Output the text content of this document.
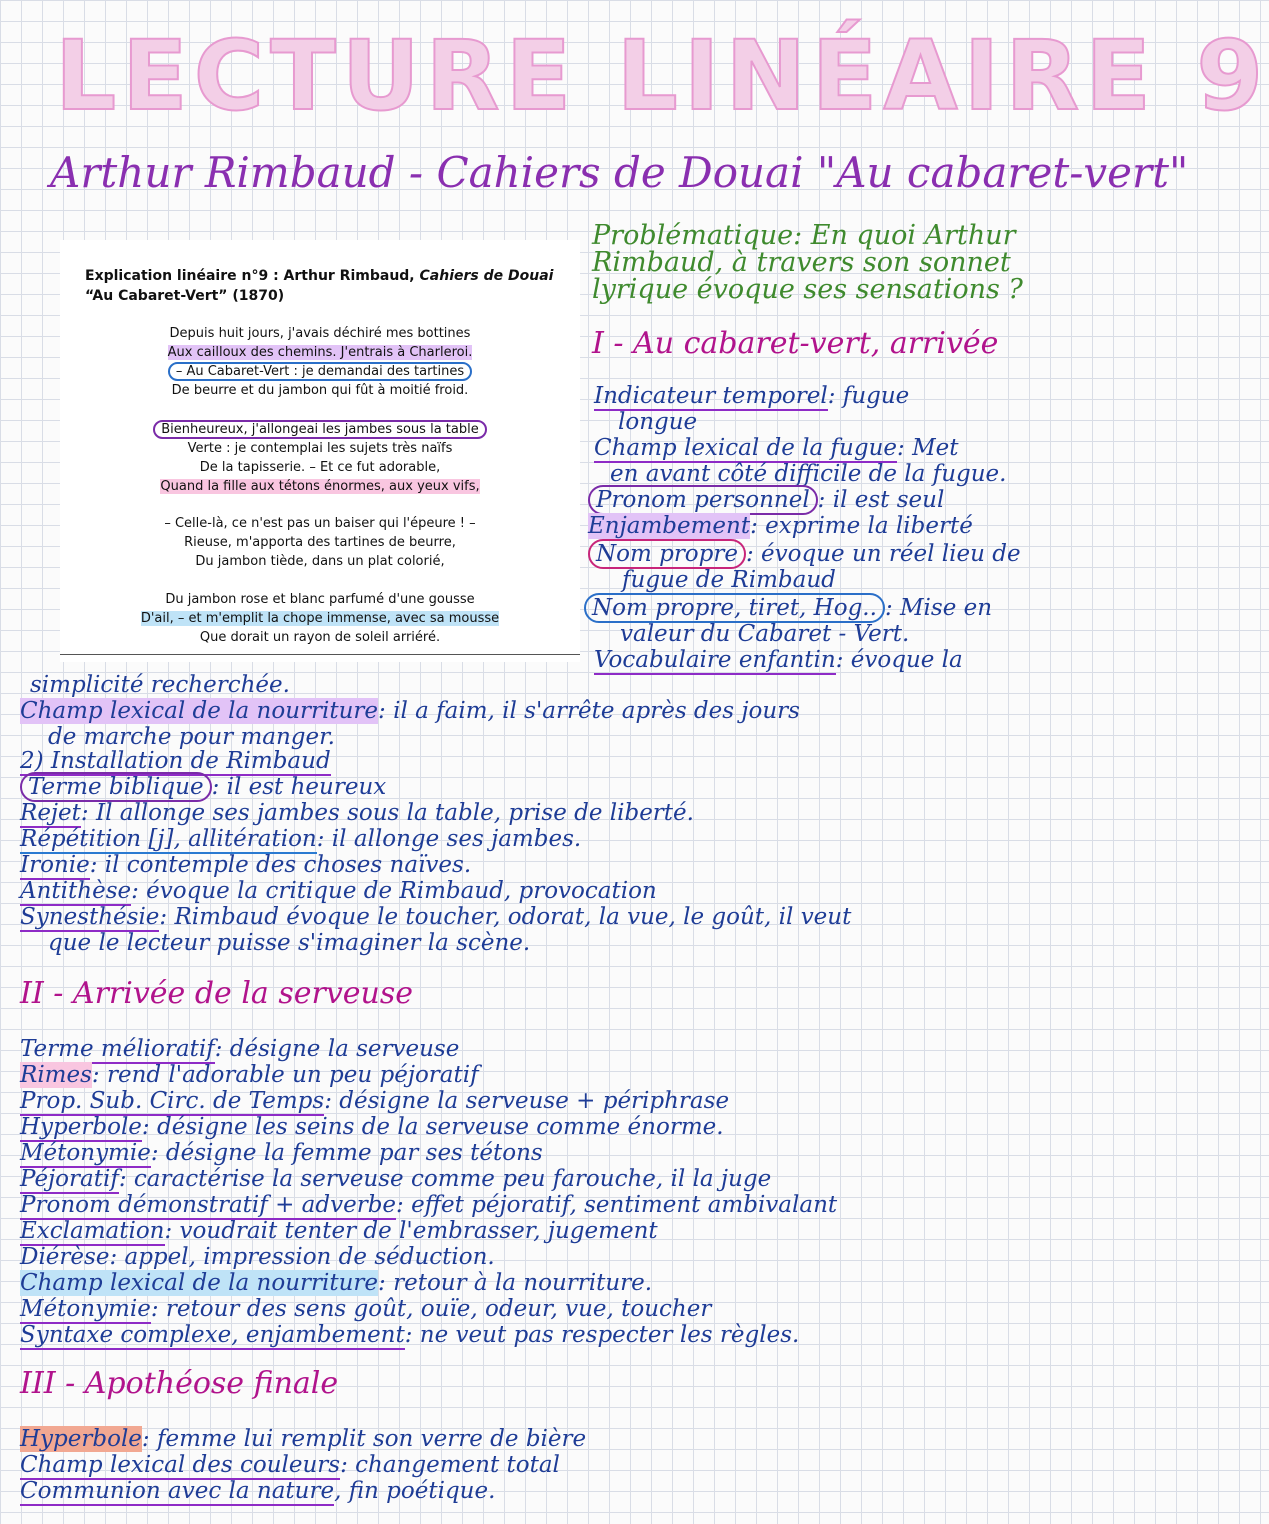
LECTURE LINÉAIRE 9
Arthur Rimbaud - Cahiers de Douai "Au cabaret-vert"
Problématique: En quoi Arthur
Rimbaud, à travers son sonnet
lyrique évoque ses sensations ?
Explication linéaire n°9 : Arthur Rimbaud, Cahiers de Douai “Au Cabaret-Vert” (1870)
Depuis huit jours, j'avais déchiré mes bottines
Aux cailloux des chemins. J'entrais à Charleroi.
– Au Cabaret-Vert : je demandai des tartines
De beurre et du jambon qui fût à moitié froid.
Bienheureux, j'allongeai les jambes sous la table
Verte : je contemplai les sujets très naïfs
De la tapisserie. – Et ce fut adorable,
Quand la fille aux tétons énormes, aux yeux vifs,
– Celle-là, ce n'est pas un baiser qui l'épeure ! –
Rieuse, m'apporta des tartines de beurre,
Du jambon tiède, dans un plat colorié,
Du jambon rose et blanc parfumé d'une gousse
D'ail, – et m'emplit la chope immense, avec sa mousse
Que dorait un rayon de soleil arriéré.
I - Au cabaret-vert, arrivée
Indicateur temporel: fugue
longue
Champ lexical de la fugue: Met
en avant côté difficile de la fugue.
Pronom personnel : il est seul
Enjambement: exprime la liberté
Nom propre : évoque un réel lieu de
fugue de Rimbaud
Nom propre, tiret, Hog.. : Mise en
valeur du Cabaret - Vert.
Vocabulaire enfantin: évoque la
simplicité recherchée.
Champ lexical de la nourriture: il a faim, il s'arrête après des jours
de marche pour manger.
2) Installation de Rimbaud
Terme biblique : il est heureux
Rejet: Il allonge ses jambes sous la table, prise de liberté.
Répétition [j], allitération: il allonge ses jambes.
Ironie: il contemple des choses naïves.
Antithèse: évoque la critique de Rimbaud, provocation
Synesthésie: Rimbaud évoque le toucher, odorat, la vue, le goût, il veut
que le lecteur puisse s'imaginer la scène.
II - Arrivée de la serveuse
Terme mélioratif: désigne la serveuse
Rimes: rend l'adorable un peu péjoratif
Prop. Sub. Circ. de Temps: désigne la serveuse + périphrase
Hyperbole: désigne les seins de la serveuse comme énorme.
Métonymie: désigne la femme par ses tétons
Péjoratif: caractérise la serveuse comme peu farouche, il la juge
Pronom démonstratif + adverbe: effet péjoratif, sentiment ambivalant
Exclamation: voudrait tenter de l'embrasser, jugement
Diérèse: appel, impression de séduction.
Champ lexical de la nourriture: retour à la nourriture.
Métonymie: retour des sens goût, ouïe, odeur, vue, toucher
Syntaxe complexe, enjambement: ne veut pas respecter les règles.
III - Apothéose finale
Hyperbole: femme lui remplit son verre de bière
Champ lexical des couleurs: changement total
Communion avec la nature, fin poétique.
